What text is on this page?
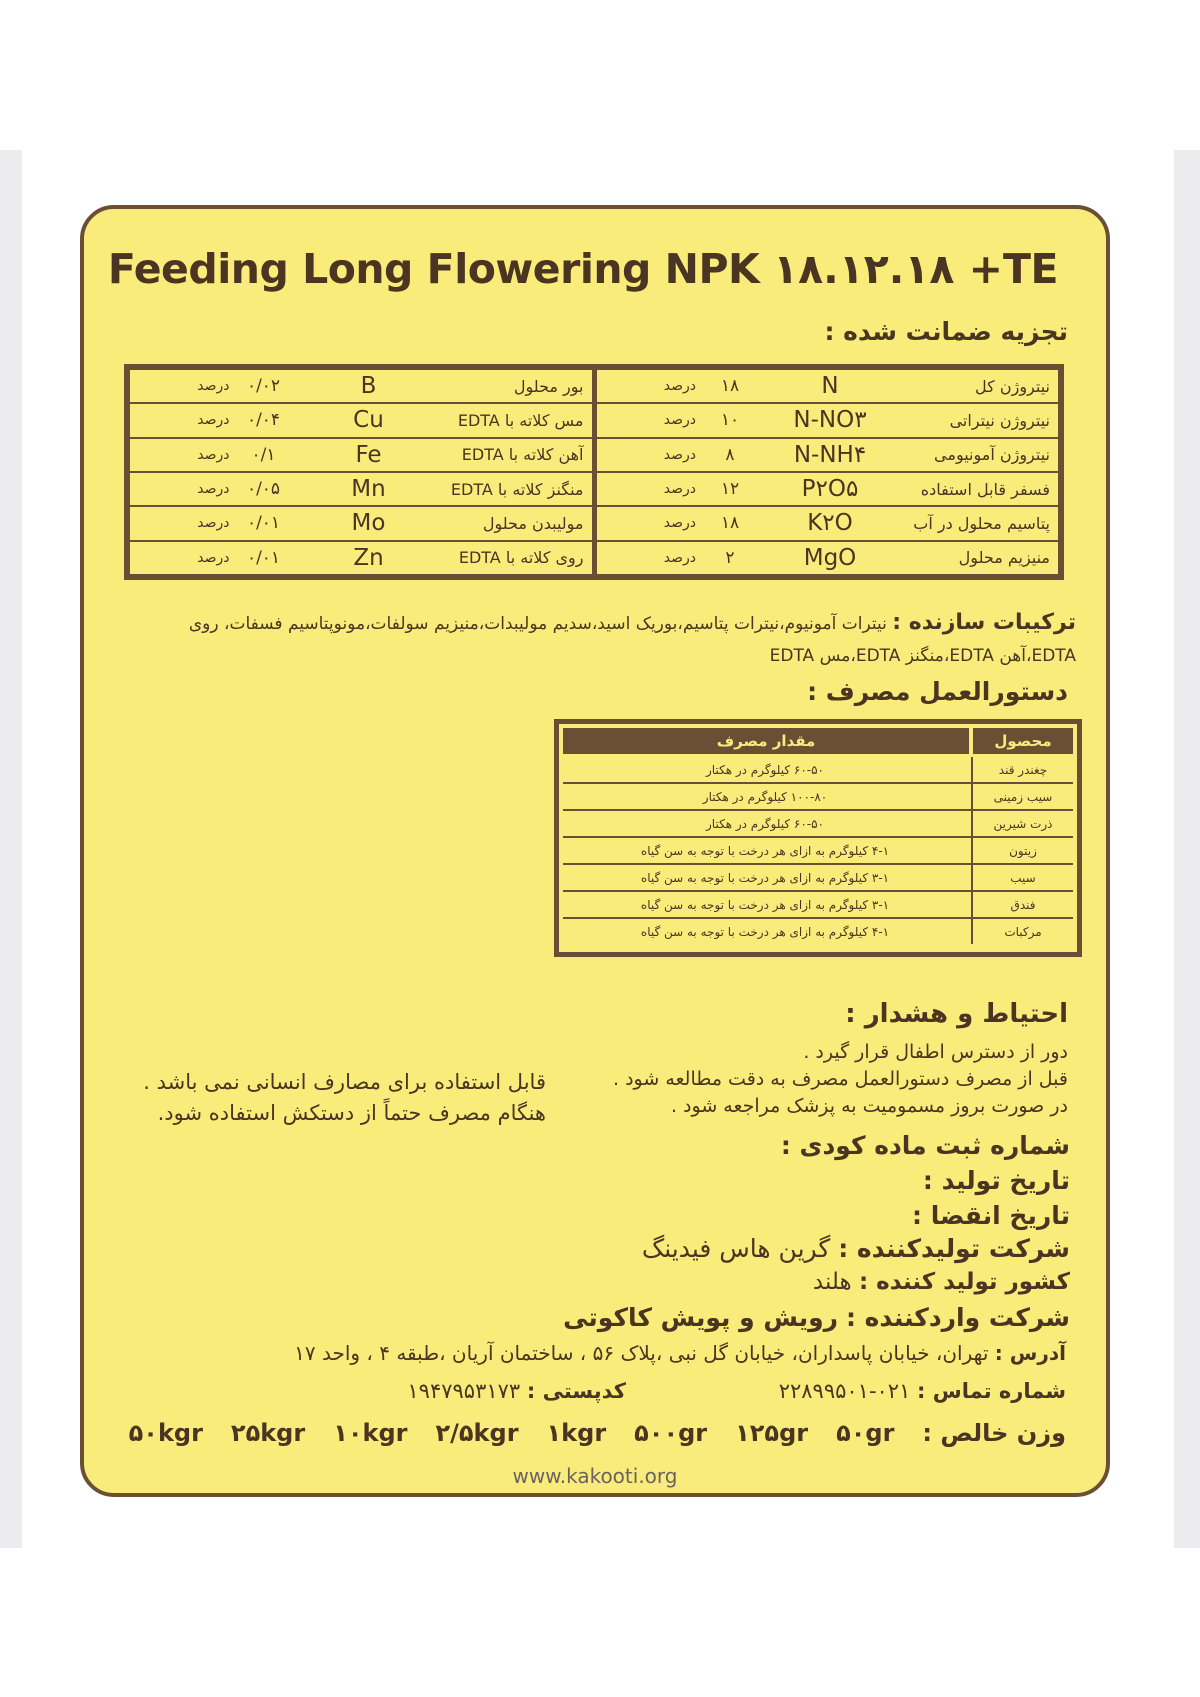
Feeding Long Flowering NPK ۱۸.۱۲.۱۸ +TE
تجزیه ضمانت شده :
نیتروژن کل
N
۱۸
درصد
نیتروژن نیتراتی
N-NO۳
۱۰
درصد
نیتروژن آمونیومی
N-NH۴
۸
درصد
فسفر قابل استفاده
P۲O۵
۱۲
درصد
پتاسیم محلول در آب
K۲O
۱۸
درصد
منیزیم محلول
MgO
۲
درصد
بور محلول
B
۰/۰۲
درصد
مس کلاته با EDTA
Cu
۰/۰۴
درصد
آهن کلاته با EDTA
Fe
۰/۱
درصد
منگنز کلاته با EDTA
Mn
۰/۰۵
درصد
مولیبدن محلول
Mo
۰/۰۱
درصد
روی کلاته با EDTA
Zn
۰/۰۱
درصد
ترکیبات سازنده : نیترات آمونیوم،نیترات پتاسیم،بوریک اسید،سدیم مولیبدات،منیزیم سولفات،مونوپتاسیم فسفات، روی EDTA،آهن EDTA،منگنز EDTA،مس EDTA
دستورالعمل مصرف :
محصول
مقدار مصرف
چغندر قند
۶۰-۵۰ کیلوگرم در هکتار
سیب زمینی
۱۰۰-۸۰ کیلوگرم در هکتار
ذرت شیرین
۶۰-۵۰ کیلوگرم در هکتار
زیتون
۴-۱ کیلوگرم به ازای هر درخت با توجه به سن گیاه
سیب
۳-۱ کیلوگرم به ازای هر درخت با توجه به سن گیاه
فندق
۳-۱ کیلوگرم به ازای هر درخت با توجه به سن گیاه
مرکبات
۴-۱ کیلوگرم به ازای هر درخت با توجه به سن گیاه
احتیاط و هشدار :
دور از دسترس اطفال قرار گیرد .
قبل از مصرف دستورالعمل مصرف به دقت مطالعه شود .
در صورت بروز مسمومیت به پزشک مراجعه شود .
قابل استفاده برای مصارف انسانی نمی باشد .
هنگام مصرف حتماً از دستکش استفاده شود.
شماره ثبت ماده کودی :
تاریخ تولید :
تاریخ انقضا :
شرکت تولیدکننده : گرین هاس فیدینگ
کشور تولید کننده : هلند
شرکت واردکننده : رویش و پویش کاکوتی
آدرس : تهران، خیابان پاسداران، خیابان گل نبی ،پلاک ۵۶ ، ساختمان آریان ،طبقه ۴ ، واحد ۱۷
شماره تماس : ۰۲۱-۲۲۸۹۹۵۰۱
کدپستی : ۱۹۴۷۹۵۳۱۷۳
وزن خالص :
۵۰gr
۱۲۵gr
۵۰۰gr
۱kgr
۲/۵kgr
۱۰kgr
۲۵kgr
۵۰kgr
www.kakooti.org
